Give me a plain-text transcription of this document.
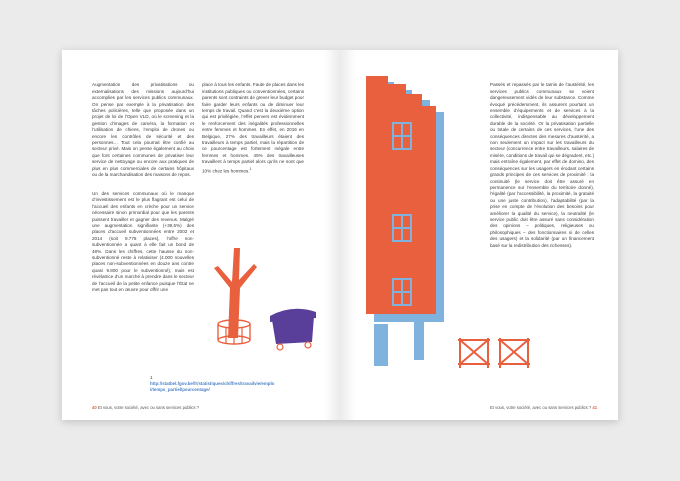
Augmentation des privatisations ou externalisations des missions aujourd’hui accomplies par les services publics communaux. On pense par exemple à la privatisation des tâches policières, telle que proposée dans un projet de loi de l’Open VLD, où le screening et la gestion d’images de caméra, la formation et l’utilisation de chiens, l’emploi de drones ou encore les contrôles de sécurité et des personnes… Tout cela pourrait être confié au secteur privé. Mais on pense également au choix que font certaines communes de privatiser leur service de nettoyage ou encore aux pratiques de plus en plus commerciales de certains hôpitaux ou de la marchandisation des maisons de repos.

Un des services communaux où le manque d’investissement est le plus flagrant est celui de l’accueil des enfants en crèche pour un service nécessaire sinon primordial pour que les parents puissent travailler et gagner des revenus. Malgré une augmentation signifiante (+39,5%) des places d’accueil subventionnées entre 2002 et 2014 (soit 9.778 places), l’offre non-subventionnée a quant à elle fait un bond de 48%. Dans les chiffres, cette hausse du non-subventionné reste à relativiser (4.000 nouvelles places non-subventionnées en douze ans contre quasi 9.800 pour le subventionné), mais est révélatrice d’un marché à prendre dans le secteur de l’accueil de la petite enfance puisque l’État ne met pas tout en œuvre pour offrir une

place à tous les enfants. Faute de places dans les institutions publiques ou conventionnées, certains parents sont contraints de grever leur budget pour faire garder leurs enfants ou de diminuer leur temps de travail. Quand c’est la deuxième option qui est privilégiée, l’effet pervers est évidemment le renforcement des inégalités professionnelles entre femmes et hommes. En effet, en 2016 en Belgique, 27% des travailleurs étaient des travailleurs à temps partiel, mais la répartition de ce pourcentage est fortement inégale entre femmes et hommes. 45% des travailleuses travaillent à temps partiel alors qu’ils ne sont que 10% chez les hommes.$^1$

1
http://statbel.fgov.be/fr/statistiques/chiffres/travailvie/emploi/temps_partiel/pourcentage/
40 Et vous, votre société, avec ou sans services publics ?

Passés et repassés par le tamis de l’austérité, les services publics communaux se voient dangereusement vidés de leur substance. Comme évoqué précédemment, ils assurent pourtant un ensemble d’équipements et de services à la collectivité, indispensable au développement durable de la société. Or la privatisation partielle ou totale de certains de ces services, l’une des conséquences directes des mesures d’austérité, a non seulement un impact sur les travailleurs du secteur (concurrence entre travailleurs, salaires de misère, conditions de travail qui se dégradent, etc.) mais entraîne également, par effet de domino, des conséquences sur les usagers en érodant certains grands principes de ces services de proximité : la continuité (le service doit être assuré en permanence sur l’ensemble du territoire donné), l’égalité (par l’accessibilité, la proximité, la gratuité ou une juste contribution), l’adaptabilité (par la prise en compte de l’évolution des besoins pour améliorer la qualité du service), la neutralité (le service public doit être assuré sans considération des opinions – politiques, religieuses ou philosophiques – des fonctionnaires ni de celles des usagers) et la solidarité (par un financement basé sur la redistribution des richesses).

Et vous, votre société, avec ou sans services publics ? 41
